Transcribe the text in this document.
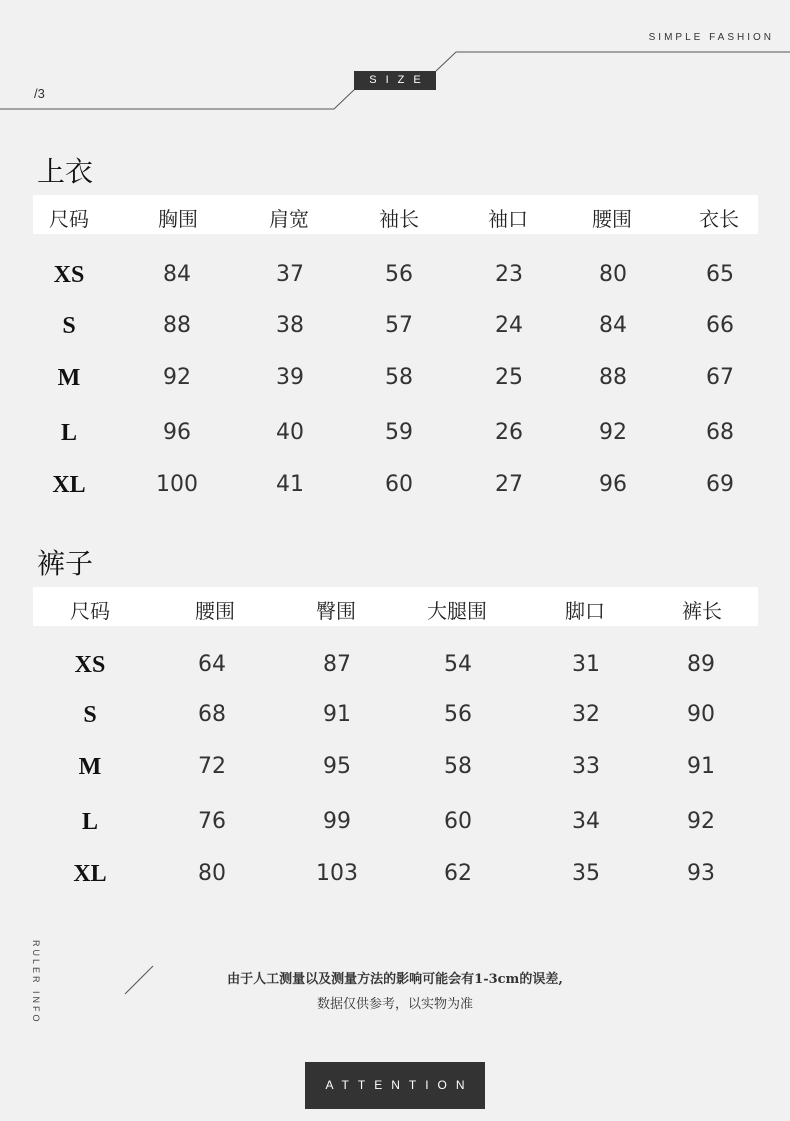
SIMPLE FASHION
/3
SIZE
上衣
尺码	胸围	肩宽	袖长	袖口	腰围	衣长
XS	84	37	56	23	80	65
S	88	38	57	24	84	66
M	92	39	58	25	88	67
L	96	40	59	26	92	68
XL	100	41	60	27	96	69
裤子
尺码	腰围	臀围	大腿围	脚口	裤长
XS	64	87	54	31	89
S	68	91	56	32	90
M	72	95	58	33	91
L	76	99	60	34	92
XL	80	103	62	35	93
RULER INFO	由于人工测量以及测量方法的影响可能会有1-3cm的误差,
数据仅供参考，以实物为准
ATTENTION
